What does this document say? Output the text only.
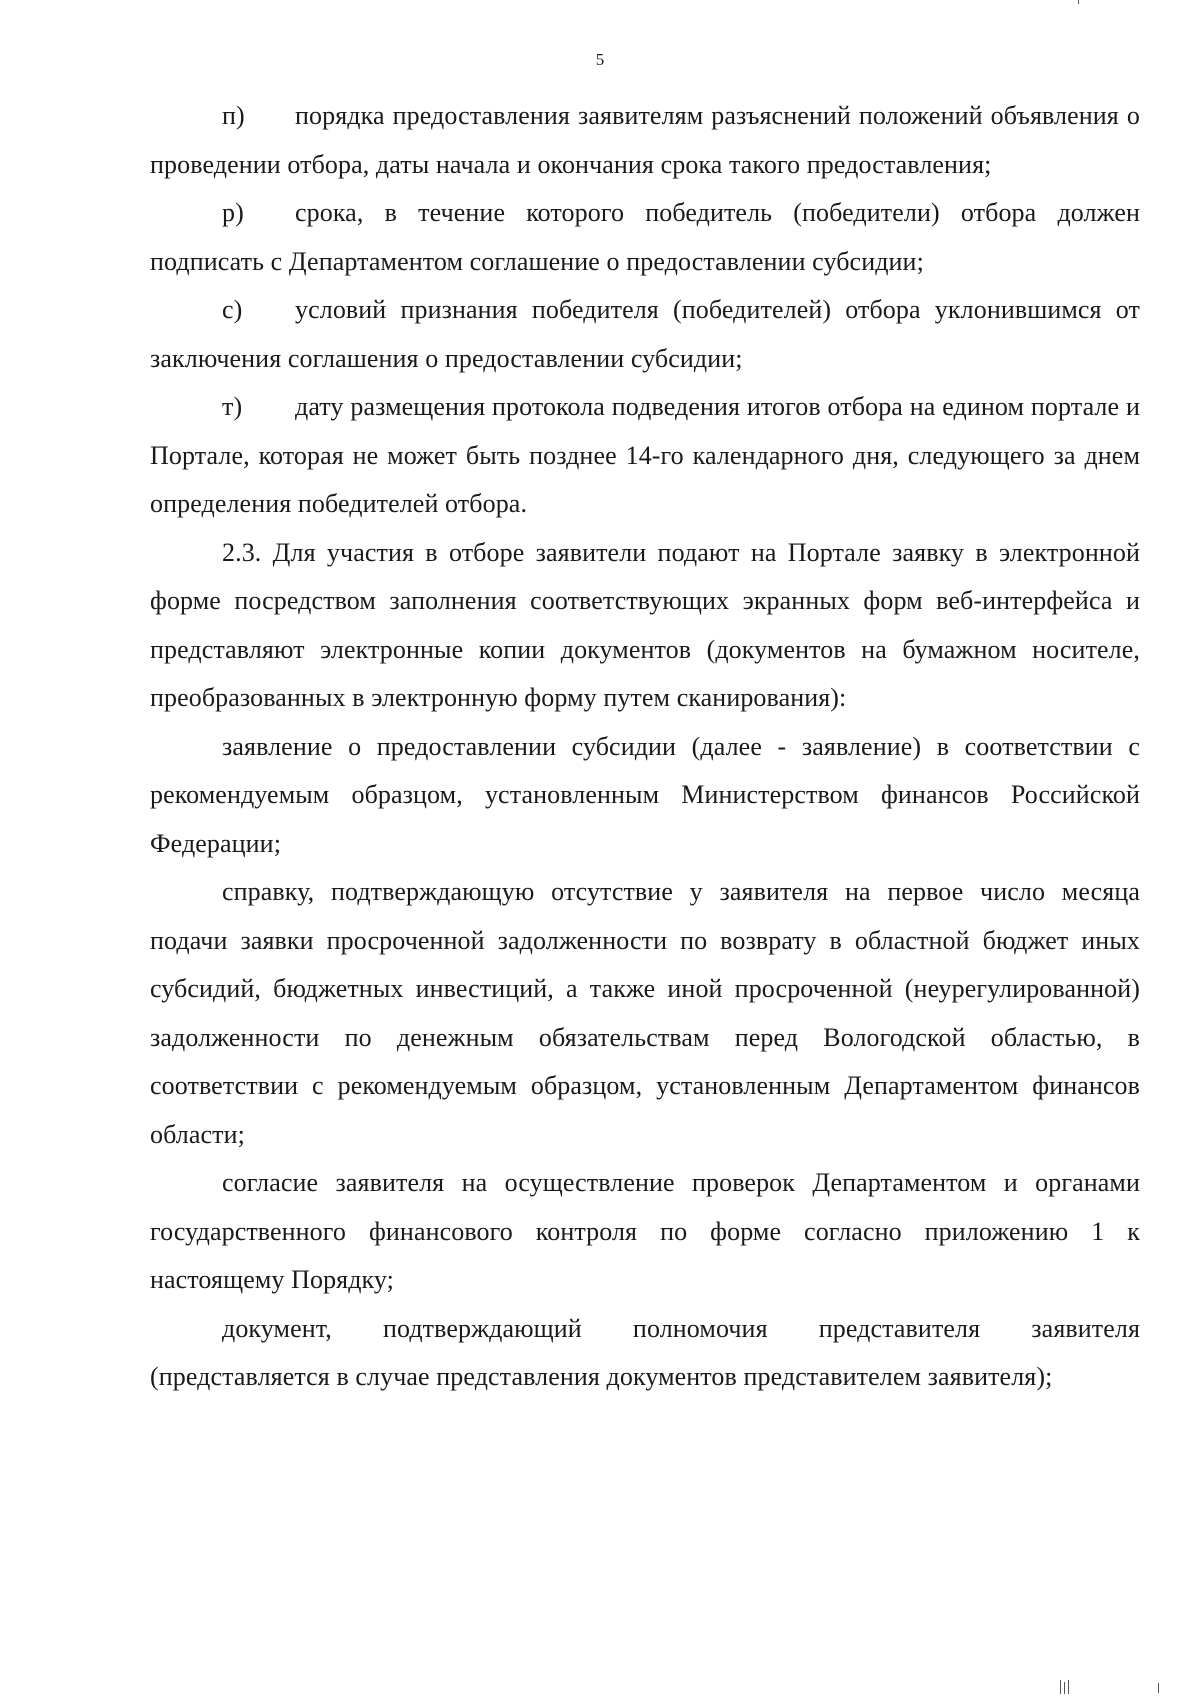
5

п) порядка предоставления заявителям разъяснений положений объявления о проведении отбора, даты начала и окончания срока такого предоставления;

р) срока, в течение которого победитель (победители) отбора должен подписать с Департаментом соглашение о предоставлении субсидии;

с) условий признания победителя (победителей) отбора уклонившимся от заключения соглашения о предоставлении субсидии;

т) дату размещения протокола подведения итогов отбора на едином портале и Портале, которая не может быть позднее 14-го календарного дня, следующего за днем определения победителей отбора.

2.3. Для участия в отборе заявители подают на Портале заявку в электронной форме посредством заполнения соответствующих экранных форм веб-интерфейса и представляют электронные копии документов (документов на бумажном носителе, преобразованных в электронную форму путем сканирования):

заявление о предоставлении субсидии (далее - заявление) в соответствии с рекомендуемым образцом, установленным Министерством финансов Российской Федерации;

справку, подтверждающую отсутствие у заявителя на первое число месяца подачи заявки просроченной задолженности по возврату в областной бюджет иных субсидий, бюджетных инвестиций, а также иной просроченной (неурегулированной) задолженности по денежным обязательствам перед Вологодской областью, в соответствии с рекомендуемым образцом, установленным Департаментом финансов области;

согласие заявителя на осуществление проверок Департаментом и органами государственного финансового контроля по форме согласно приложению 1 к настоящему Порядку;

документ, подтверждающий полномочия представителя заявителя (представляется в случае представления документов представителем заявителя);
